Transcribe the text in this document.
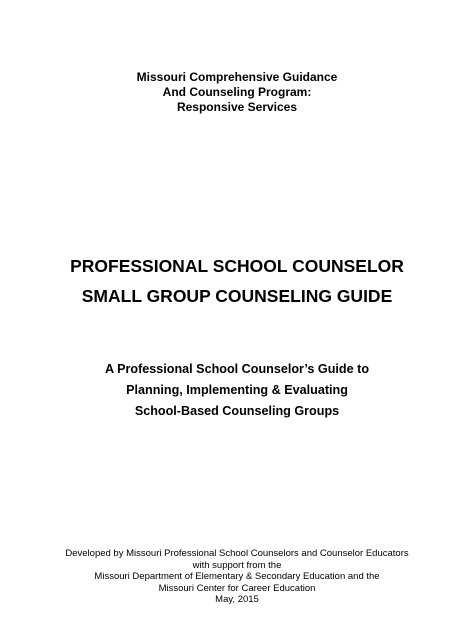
Missouri Comprehensive Guidance
And Counseling Program:
Responsive Services
PROFESSIONAL SCHOOL COUNSELOR
SMALL GROUP COUNSELING GUIDE
A Professional School Counselor’s Guide to
Planning, Implementing & Evaluating
School-Based Counseling Groups
Developed by Missouri Professional School Counselors and Counselor Educators
with support from the
Missouri Department of Elementary & Secondary Education and the
Missouri Center for Career Education
May, 2015
